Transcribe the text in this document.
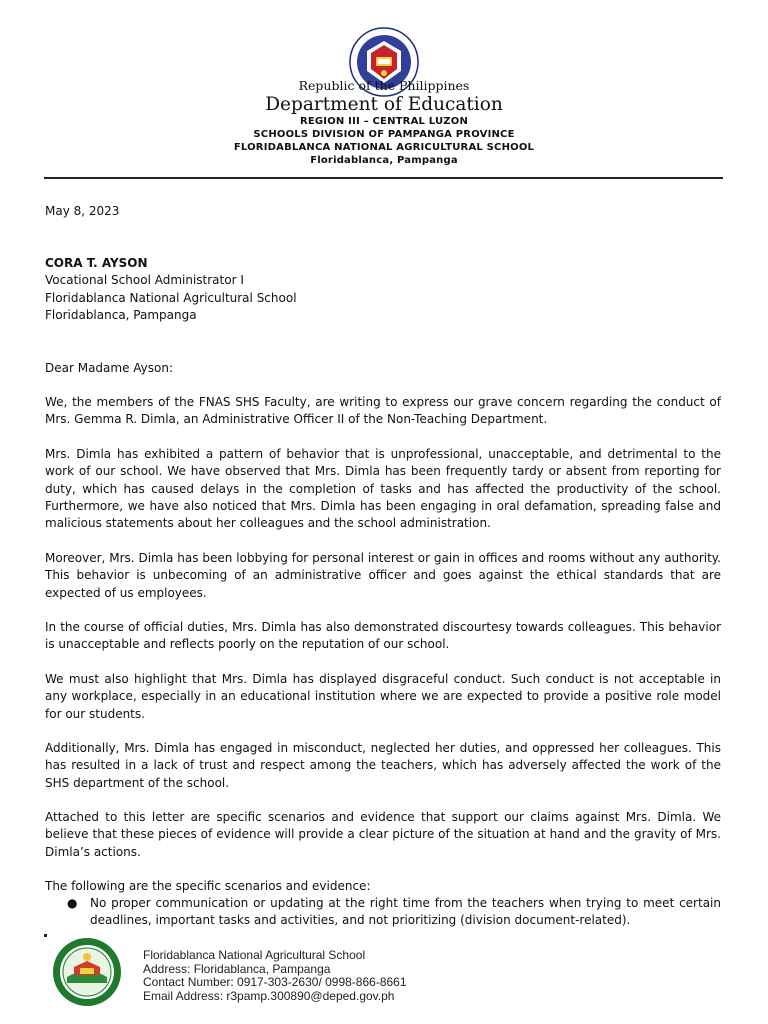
Republic of the Philippines
Department of Education
REGION III – CENTRAL LUZON
SCHOOLS DIVISION OF PAMPANGA PROVINCE
FLORIDABLANCA NATIONAL AGRICULTURAL SCHOOL
Floridablanca, Pampanga
May 8, 2023
CORA T. AYSON
Vocational School Administrator I
Floridablanca National Agricultural School
Floridablanca, Pampanga
Dear Madame Ayson:

We, the members of the FNAS SHS Faculty, are writing to express our grave concern regarding the conduct of Mrs. Gemma R. Dimla, an Administrative Officer II of the Non-Teaching Department.

Mrs. Dimla has exhibited a pattern of behavior that is unprofessional, unacceptable, and detrimental to the work of our school. We have observed that Mrs. Dimla has been frequently tardy or absent from reporting for duty, which has caused delays in the completion of tasks and has affected the productivity of the school. Furthermore, we have also noticed that Mrs. Dimla has been engaging in oral defamation, spreading false and malicious statements about her colleagues and the school administration.

Moreover, Mrs. Dimla has been lobbying for personal interest or gain in offices and rooms without any authority. This behavior is unbecoming of an administrative officer and goes against the ethical standards that are expected of us employees.

In the course of official duties, Mrs. Dimla has also demonstrated discourtesy towards colleagues. This behavior is unacceptable and reflects poorly on the reputation of our school.

We must also highlight that Mrs. Dimla has displayed disgraceful conduct. Such conduct is not acceptable in any workplace, especially in an educational institution where we are expected to provide a positive role model for our students.

Additionally, Mrs. Dimla has engaged in misconduct, neglected her duties, and oppressed her colleagues. This has resulted in a lack of trust and respect among the teachers, which has adversely affected the work of the SHS department of the school.

Attached to this letter are specific scenarios and evidence that support our claims against Mrs. Dimla. We believe that these pieces of evidence will provide a clear picture of the situation at hand and the gravity of Mrs. Dimla’s actions.

The following are the specific scenarios and evidence:

● No proper communication or updating at the right time from the teachers when trying to meet certain deadlines, important tasks and activities, and not prioritizing (division document-related).
Floridablanca National Agricultural School
Address: Floridablanca, Pampanga
Contact Number: 0917-303-2630/ 0998-866-8661
Email Address: r3pamp.300890@deped.gov.ph
